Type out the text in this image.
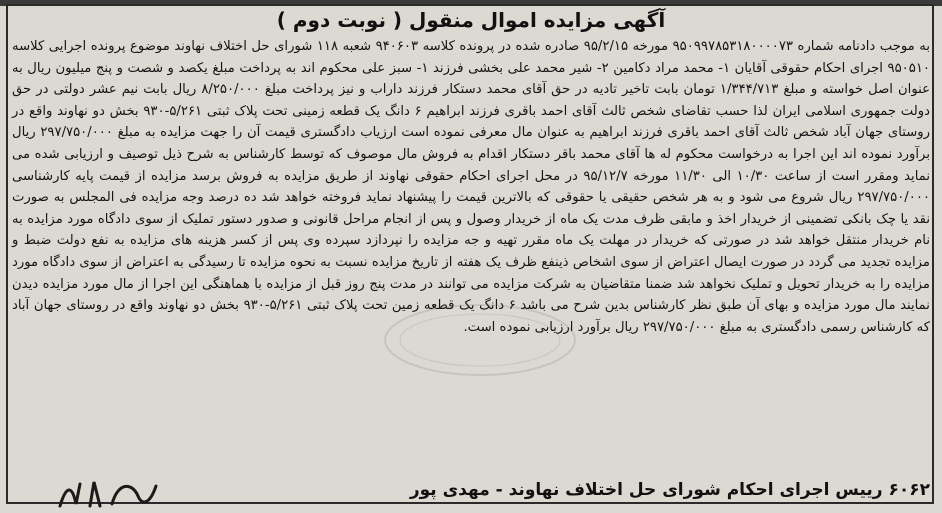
آگهی مزایده اموال منقول ( نوبت دوم )

به موجب دادنامه شماره ۹۵۰۹۹۷۸۵۳۱۸۰۰۰۰۷۳ مورخه ۹۵/۲/۱۵ صادره شده در پرونده کلاسه ۹۴۰۶۰۳ شعبه ۱۱۸ شورای حل اختلاف نهاوند موضوع پرونده اجرایی کلاسه ۹۵۰۵۱۰ اجرای احکام حقوقی آقایان ۱- محمد مراد دکامین ۲- شیر محمد علی بخشی فرزند ۱- سبز علی محکوم اند به پرداخت مبلغ یکصد و شصت و پنج میلیون ریال به عنوان اصل خواسته و مبلغ ۱/۳۴۴/۷۱۳ تومان بابت تاخیر تادیه در حق آقای محمد دستکار فرزند داراب و نیز پرداخت مبلغ ۸/۲۵۰/۰۰۰ ریال بابت نیم عشر دولتی در حق دولت جمهوری اسلامی ایران لذا حسب تقاضای شخص ثالث آقای احمد باقری فرزند ابراهیم ۶ دانگ یک قطعه زمینی تحت پلاک ثبتی ۵/۲۶۱-۹۳۰ بخش دو نهاوند واقع در روستای جهان آباد شخص ثالث آقای احمد باقری فرزند ابراهیم به عنوان مال معرفی نموده است ارزیاب دادگستری قیمت آن را جهت مزایده به مبلغ ۲۹۷/۷۵۰/۰۰۰ ریال برآورد نموده اند این اجرا به درخواست محکوم له ها آقای محمد باقر دستکار اقدام به فروش مال موصوف که توسط کارشناس به شرح ذیل توصیف و ارزیابی شده می نماید ومقرر است از ساعت ۱۰/۳۰ الی ۱۱/۳۰ مورخه ۹۵/۱۲/۷ در محل اجرای احکام حقوقی نهاوند از طریق مزایده به فروش برسد مزایده از قیمت پایه کارشناسی ۲۹۷/۷۵۰/۰۰۰ ریال شروع می شود و به هر شخص حقیقی یا حقوقی که بالاترین قیمت را پیشنهاد نماید فروخته خواهد شد ده درصد وجه مزایده فی المجلس به صورت نقد یا چک بانکی تضمینی از خریدار اخذ و مابقی ظرف مدت یک ماه از خریدار وصول و پس از انجام مراحل قانونی و صدور دستور تملیک از سوی دادگاه مورد مزایده به نام خریدار منتقل خواهد شد در صورتی که خریدار در مهلت یک ماه مقرر تهیه و جه مزایده را نپردازد سپرده وی پس از کسر هزینه های مزایده به نفع دولت ضبط و مزایده تجدید می گردد در صورت ایصال اعتراض از سوی اشخاص ذینفع ظرف یک هفته از تاریخ مزایده نسبت به نحوه مزایده تا رسیدگی به اعتراض از سوی دادگاه مورد مزایده را به خریدار تحویل و تملیک نخواهد شد ضمنا متقاضیان به شرکت مزایده می توانند در مدت پنج روز قبل از مزایده با هماهنگی این اجرا از مال مورد مزایده دیدن نمایند مال مورد مزایده و بهای آن طبق نظر کارشناس بدین شرح می باشد ۶ دانگ یک قطعه زمین تحت پلاک ثبتی ۵/۲۶۱-۹۳۰ بخش دو نهاوند واقع در روستای جهان آباد که کارشناس رسمی دادگستری به مبلغ ۲۹۷/۷۵۰/۰۰۰ ریال برآورد ارزیابی نموده است.

۶۰۶۲ رییس اجرای احکام شورای حل اختلاف نهاوند - مهدی پور
